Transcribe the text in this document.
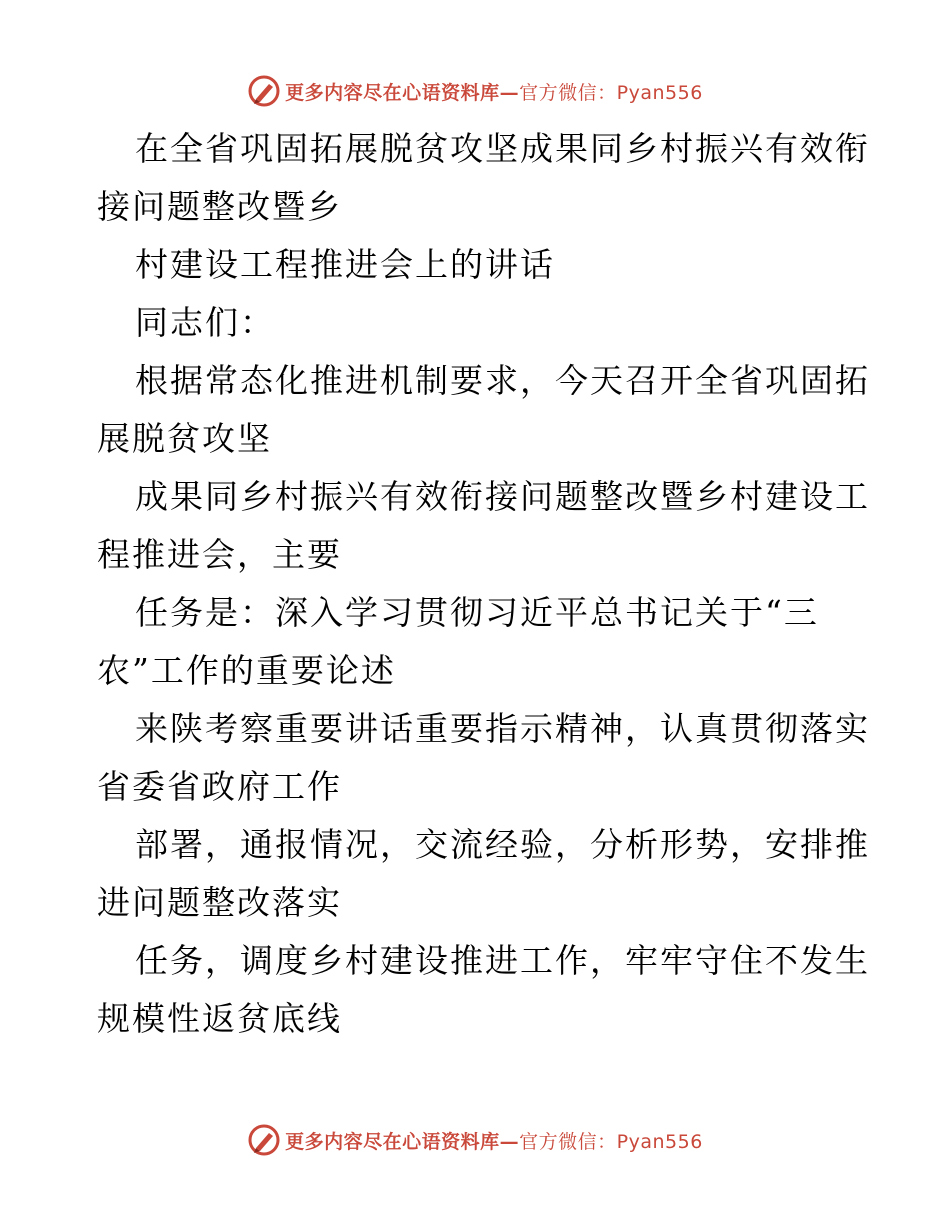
更多内容尽在心语资料库—官方微信：Pyan556
在全省巩固拓展脱贫攻坚成果同乡村振兴有效衔
接问题整改暨乡
村建设工程推进会上的讲话
同志们：
根据常态化推进机制要求，今天召开全省巩固拓
展脱贫攻坚
成果同乡村振兴有效衔接问题整改暨乡村建设工
程推进会，主要
任务是：深入学习贯彻习近平总书记关于“三
农”工作的重要论述
来陕考察重要讲话重要指示精神，认真贯彻落实
省委省政府工作
部署，通报情况，交流经验，分析形势，安排推
进问题整改落实
任务，调度乡村建设推进工作，牢牢守住不发生
规模性返贫底线
更多内容尽在心语资料库—官方微信：Pyan556
